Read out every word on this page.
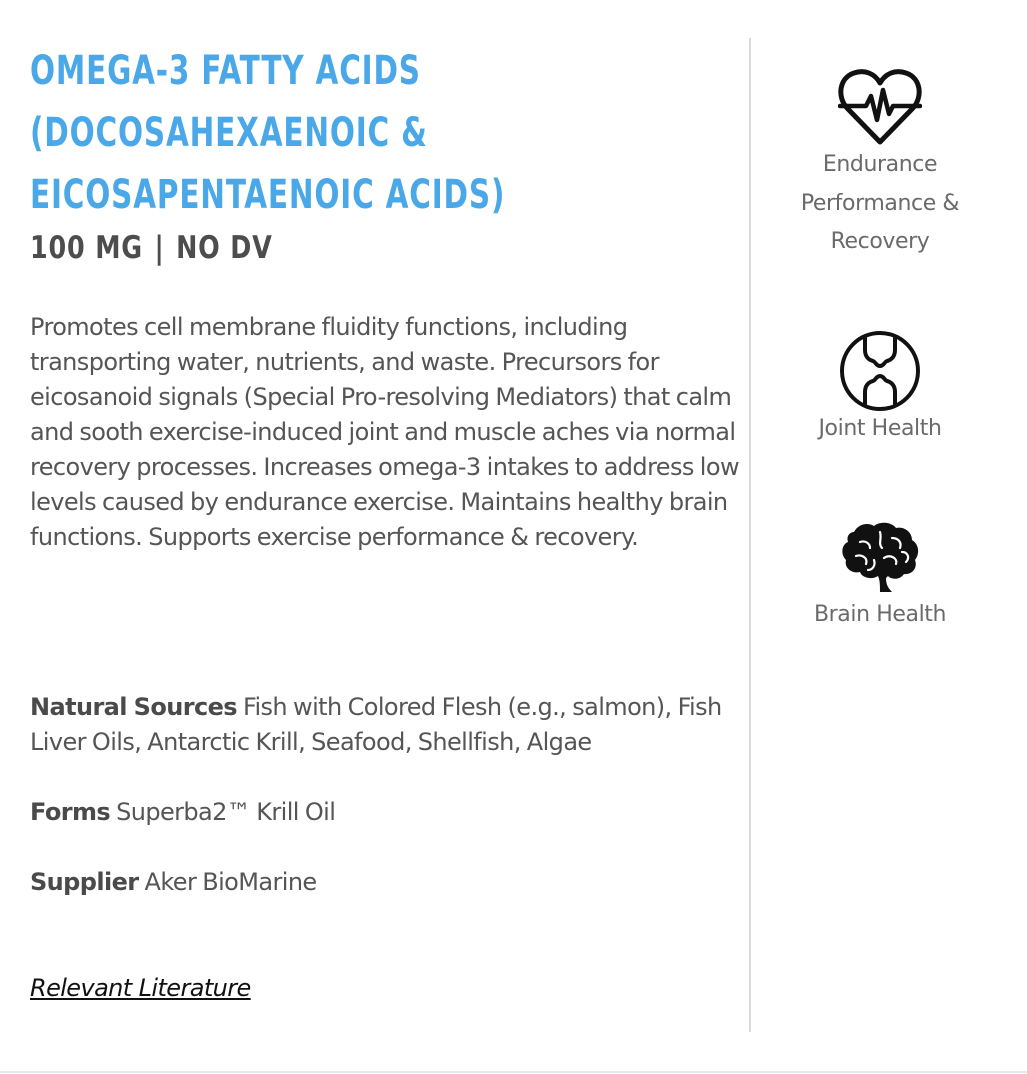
OMEGA-3 FATTY ACIDS
(DOCOSAHEXAENOIC &
EICOSAPENTAENOIC ACIDS)
100 MG | NO DV

Promotes cell membrane fluidity functions, including transporting water, nutrients, and waste. Precursors for eicosanoid signals (Special Pro-resolving Mediators) that calm and sooth exercise-induced joint and muscle aches via normal recovery processes. Increases omega-3 intakes to address low levels caused by endurance exercise. Maintains healthy brain functions. Supports exercise performance & recovery.

Natural Sources Fish with Colored Flesh (e.g., salmon), Fish Liver Oils, Antarctic Krill, Seafood, Shellfish, Algae

Forms Superba2™ Krill Oil

Supplier Aker BioMarine

Relevant Literature
Endurance
Performance &
Recovery
Joint Health
Brain Health
